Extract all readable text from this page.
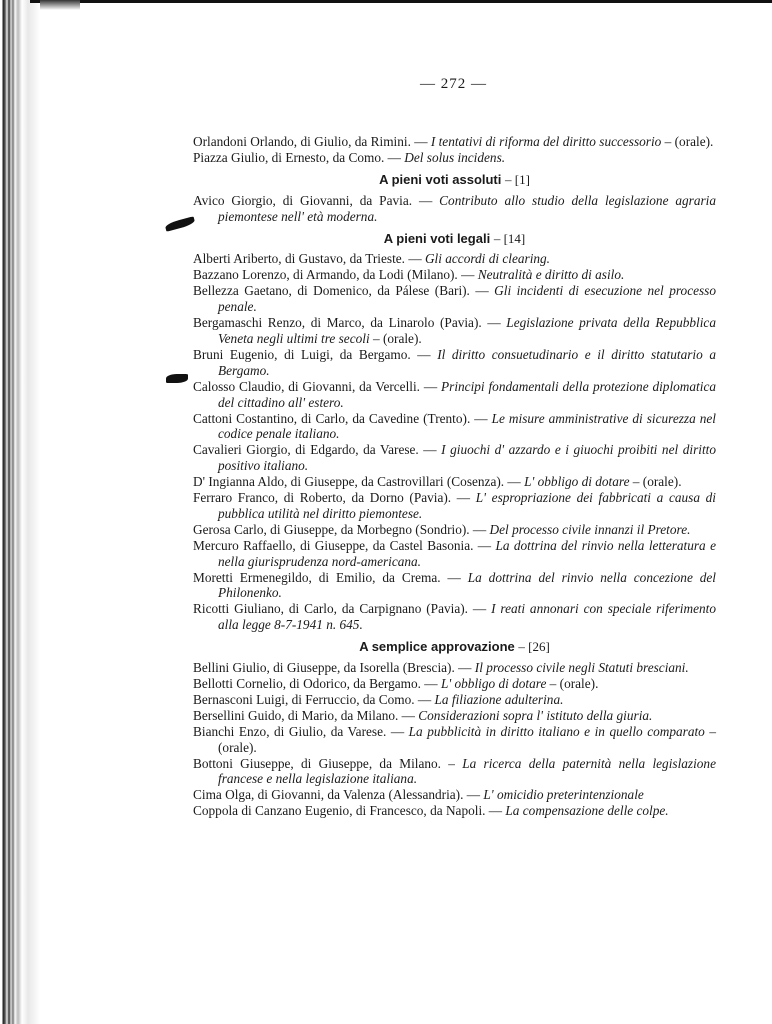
— 272 —

Orlandoni Orlando, di Giulio, da Rimini. — I tentativi di riforma del diritto successorio – (orale).

Piazza Giulio, di Ernesto, da Como. — Del solus incidens.

A pieni voti assoluti – [1]

Avico Giorgio, di Giovanni, da Pavia. — Contributo allo studio della legislazione agraria piemontese nell' età moderna.

A pieni voti legali – [14]

Alberti Ariberto, di Gustavo, da Trieste. — Gli accordi di clearing.

Bazzano Lorenzo, di Armando, da Lodi (Milano). — Neutralità e diritto di asilo.

Bellezza Gaetano, di Domenico, da Pálese (Bari). — Gli incidenti di esecuzione nel processo penale.

Bergamaschi Renzo, di Marco, da Linarolo (Pavia). — Legislazione privata della Repubblica Veneta negli ultimi tre secoli – (orale).

Bruni Eugenio, di Luigi, da Bergamo. — Il diritto consuetudinario e il diritto statutario a Bergamo.

Calosso Claudio, di Giovanni, da Vercelli. — Principi fondamentali della protezione diplomatica del cittadino all' estero.

Cattoni Costantino, di Carlo, da Cavedine (Trento). — Le misure amministrative di sicurezza nel codice penale italiano.

Cavalieri Giorgio, di Edgardo, da Varese. — I giuochi d' azzardo e i giuochi proibiti nel diritto positivo italiano.

D' Ingianna Aldo, di Giuseppe, da Castrovillari (Cosenza). — L' obbligo di dotare – (orale).

Ferraro Franco, di Roberto, da Dorno (Pavia). — L' espropriazione dei fabbricati a causa di pubblica utilità nel diritto piemontese.

Gerosa Carlo, di Giuseppe, da Morbegno (Sondrio). — Del processo civile innanzi il Pretore.

Mercuro Raffaello, di Giuseppe, da Castel Basonia. — La dottrina del rinvio nella letteratura e nella giurisprudenza nord-americana.

Moretti Ermenegildo, di Emilio, da Crema. — La dottrina del rinvio nella concezione del Philonenko.

Ricotti Giuliano, di Carlo, da Carpignano (Pavia). — I reati annonari con speciale riferimento alla legge 8-7-1941 n. 645.

A semplice approvazione – [26]

Bellini Giulio, di Giuseppe, da Isorella (Brescia). — Il processo civile negli Statuti bresciani.

Bellotti Cornelio, di Odorico, da Bergamo. — L' obbligo di dotare – (orale).

Bernasconi Luigi, di Ferruccio, da Como. — La filiazione adulterina.

Bersellini Guido, di Mario, da Milano. — Considerazioni sopra l' istituto della giuria.

Bianchi Enzo, di Giulio, da Varese. — La pubblicità in diritto italiano e in quello comparato – (orale).

Bottoni Giuseppe, di Giuseppe, da Milano. – La ricerca della paternità nella legislazione francese e nella legislazione italiana.

Cima Olga, di Giovanni, da Valenza (Alessandria). — L' omicidio preterintenzionale

Coppola di Canzano Eugenio, di Francesco, da Napoli. — La compensazione delle colpe.
